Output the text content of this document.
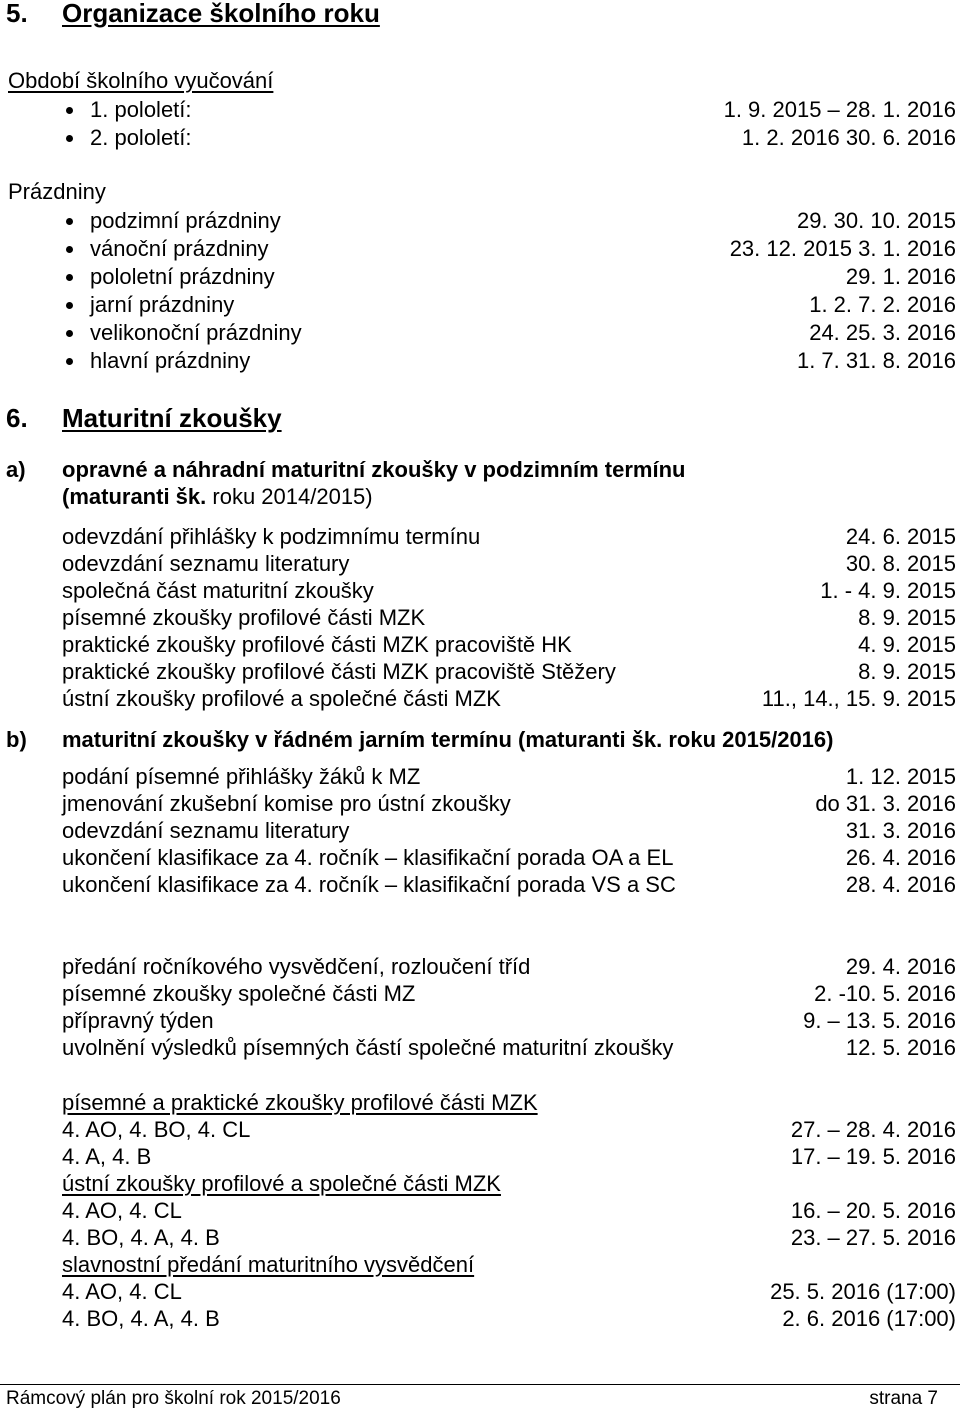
5. Organizace školního roku
Období školního vyučování
1. pololetí:	1. 9. 2015 – 28. 1. 2016
2. pololetí:	1. 2. 2016 30. 6. 2016
Prázdniny
podzimní prázdniny	29. 30. 10. 2015
vánoční prázdniny	23. 12. 2015 3. 1. 2016
pololetní prázdniny	29. 1. 2016
jarní prázdniny	1. 2. 7. 2. 2016
velikonoční prázdniny	24. 25. 3. 2016
hlavní prázdniny	1. 7. 31. 8. 2016
6. Maturitní zkoušky
a) opravné a náhradní maturitní zkoušky v podzimním termínu
(maturanti šk. roku 2014/2015)
odevzdání přihlášky k podzimnímu termínu	24. 6. 2015
odevzdání seznamu literatury	30. 8. 2015
společná část maturitní zkoušky	1. - 4. 9. 2015
písemné zkoušky profilové části MZK	8. 9. 2015
praktické zkoušky profilové části MZK pracoviště HK	4. 9. 2015
praktické zkoušky profilové části MZK pracoviště Stěžery	8. 9. 2015
ústní zkoušky profilové a společné části MZK	11., 14., 15. 9. 2015
b) maturitní zkoušky v řádném jarním termínu (maturanti šk. roku 2015/2016)
podání písemné přihlášky žáků k MZ	1. 12. 2015
jmenování zkušební komise pro ústní zkoušky	do 31. 3. 2016
odevzdání seznamu literatury	31. 3. 2016
ukončení klasifikace za 4. ročník – klasifikační porada OA a EL	26. 4. 2016
ukončení klasifikace za 4. ročník – klasifikační porada VS a SC	28. 4. 2016
předání ročníkového vysvědčení, rozloučení tříd	29. 4. 2016
písemné zkoušky společné části MZ	2. -10. 5. 2016
přípravný týden	9. – 13. 5. 2016
uvolnění výsledků písemných částí společné maturitní zkoušky	12. 5. 2016
písemné a praktické zkoušky profilové části MZK
4. AO, 4. BO, 4. CL	27. – 28. 4. 2016
4. A, 4. B	17. – 19. 5. 2016
ústní zkoušky profilové a společné části MZK
4. AO, 4. CL	16. – 20. 5. 2016
4. BO, 4. A, 4. B	23. – 27. 5. 2016
slavnostní předání maturitního vysvědčení
4. AO, 4. CL	25. 5. 2016 (17:00)
4. BO, 4. A, 4. B	2. 6. 2016 (17:00)
Rámcový plán pro školní rok 2015/2016	strana 7
